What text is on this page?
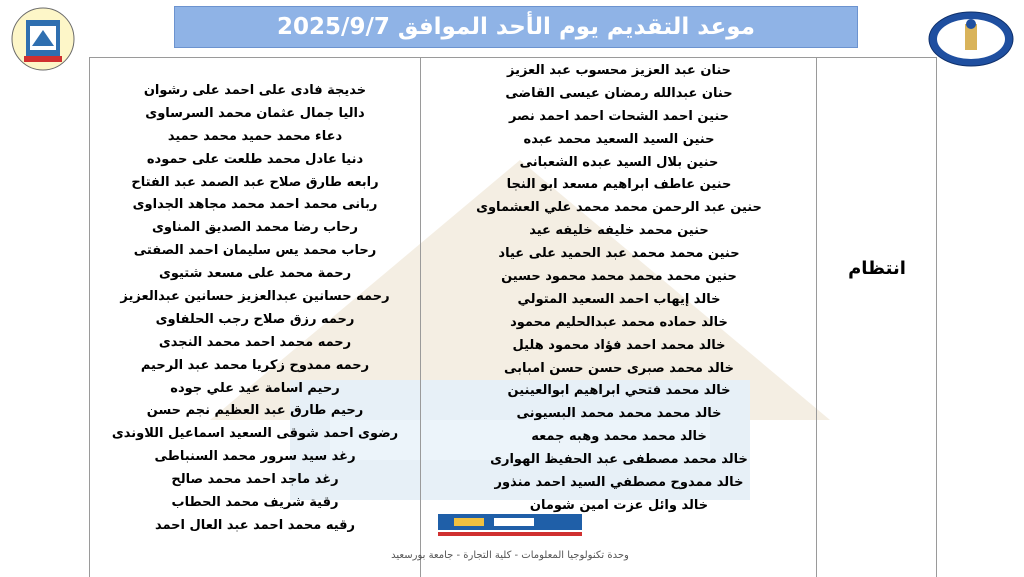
موعد التقديم يوم الأحد الموافق 2025/9/7
حنان عبد العزيز محسوب عبد العزيز
حنان عبدالله رمضان عيسى القاضى
حنين احمد الشحات احمد احمد نصر
حنين السيد السعيد محمد عبده
حنين بلال السيد عبده الشعبانى
حنين عاطف ابراهيم مسعد ابو النجا
حنين عبد الرحمن محمد محمد علي العشماوى
حنين محمد خليفه خليفه عيد
حنين محمد محمد عبد الحميد على عياد
حنين محمد محمد محمد محمود حسين
خالد إيهاب احمد السعيد المتولي
خالد حماده محمد عبدالحليم محمود
خالد محمد احمد فؤاد محمود هليل
خالد محمد صبرى حسن حسن امبابى
خالد محمد فتحي ابراهيم ابوالعينين
خالد محمد محمد محمد البسيونى
خالد محمد محمد وهبه جمعه
خالد محمد مصطفى عبد الحفيظ الهوارى
خالد ممدوح مصطفي السيد احمد منذور
خالد وائل عزت امين شومان
خديجة فادى على احمد على رشوان
داليا جمال عثمان محمد السرساوى
دعاء محمد حميد محمد حميد
دنيا عادل محمد طلعت على حموده
رابعه طارق صلاح عبد الصمد عبد الفتاح
ربانى محمد احمد محمد مجاهد الجداوى
رحاب رضا محمد الصديق المناوى
رحاب محمد يس سليمان احمد الصفتى
رحمة محمد على مسعد شتيوى
رحمه حسانين عبدالعزيز حسانين عبدالعزيز
رحمه رزق صلاح رجب الحلفاوى
رحمه محمد احمد محمد النجدى
رحمه ممدوح زكريا محمد عبد الرحيم
رحيم اسامة عيد علي جوده
رحيم طارق عبد العظيم نجم حسن
رضوى احمد شوقى السعيد اسماعيل اللاوندى
رغد سيد سرور محمد السنباطى
رغد ماجد احمد محمد صالح
رقية شريف محمد الحطاب
رقيه محمد احمد عبد العال احمد
انتظام
وحدة تكنولوجيا المعلومات - كلية التجارة - جامعة بورسعيد
